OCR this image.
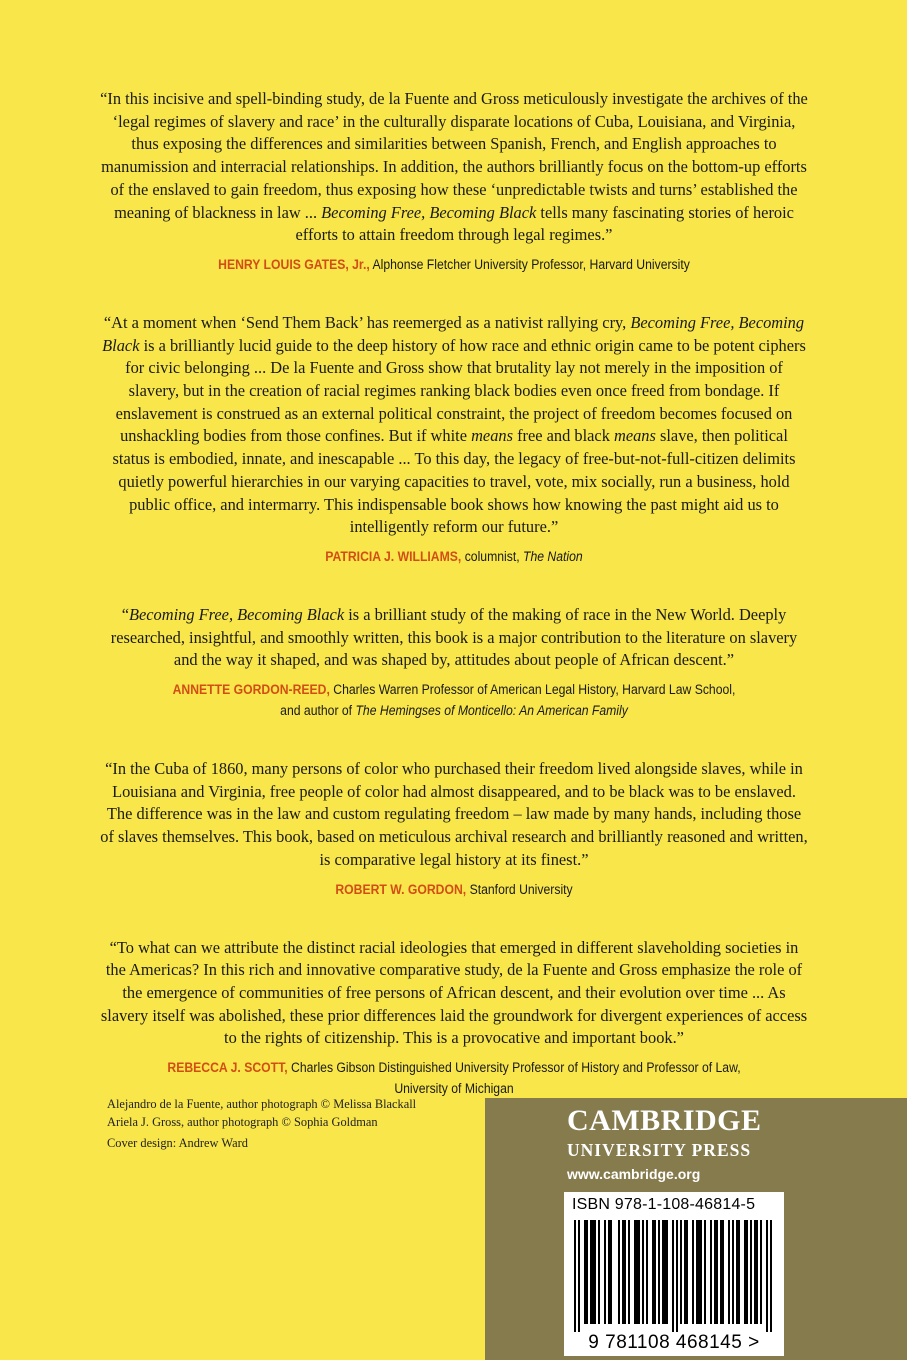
“In this incisive and spell-binding study, de la Fuente and Gross meticulously investigate the archives of the ‘legal regimes of slavery and race’ in the culturally disparate locations of Cuba, Louisiana, and Virginia, thus exposing the differences and similarities between Spanish, French, and English approaches to manumission and interracial relationships. In addition, the authors brilliantly focus on the bottom-up efforts of the enslaved to gain freedom, thus exposing how these ‘unpredictable twists and turns’ established the meaning of blackness in law ... Becoming Free, Becoming Black tells many fascinating stories of heroic efforts to attain freedom through legal regimes.”

HENRY LOUIS GATES, Jr., Alphonse Fletcher University Professor, Harvard University

“At a moment when ‘Send Them Back’ has reemerged as a nativist rallying cry, Becoming Free, Becoming Black is a brilliantly lucid guide to the deep history of how race and ethnic origin came to be potent ciphers for civic belonging ... De la Fuente and Gross show that brutality lay not merely in the imposition of slavery, but in the creation of racial regimes ranking black bodies even once freed from bondage. If enslavement is construed as an external political constraint, the project of freedom becomes focused on unshackling bodies from those confines. But if white means free and black means slave, then political status is embodied, innate, and inescapable ... To this day, the legacy of free-but-not-full-citizen delimits quietly powerful hierarchies in our varying capacities to travel, vote, mix socially, run a business, hold public office, and intermarry. This indispensable book shows how knowing the past might aid us to intelligently reform our future.”

PATRICIA J. WILLIAMS, columnist, The Nation

“Becoming Free, Becoming Black is a brilliant study of the making of race in the New World. Deeply researched, insightful, and smoothly written, this book is a major contribution to the literature on slavery and the way it shaped, and was shaped by, attitudes about people of African descent.”

ANNETTE GORDON-REED, Charles Warren Professor of American Legal History, Harvard Law School,
and author of The Hemingses of Monticello: An American Family

“In the Cuba of 1860, many persons of color who purchased their freedom lived alongside slaves, while in Louisiana and Virginia, free people of color had almost disappeared, and to be black was to be enslaved. The difference was in the law and custom regulating freedom – law made by many hands, including those of slaves themselves. This book, based on meticulous archival research and brilliantly reasoned and written, is comparative legal history at its finest.”

ROBERT W. GORDON, Stanford University

“To what can we attribute the distinct racial ideologies that emerged in different slaveholding societies in the Americas? In this rich and innovative comparative study, de la Fuente and Gross emphasize the role of the emergence of communities of free persons of African descent, and their evolution over time ... As slavery itself was abolished, these prior differences laid the groundwork for divergent experiences of access to the rights of citizenship. This is a provocative and important book.”

REBECCA J. SCOTT, Charles Gibson Distinguished University Professor of History and Professor of Law,
University of Michigan

Alejandro de la Fuente, author photograph © Melissa Blackall
Ariela J. Gross, author photograph © Sophia Goldman
Cover design: Andrew Ward
CAMBRIDGE
UNIVERSITY PRESS
www.cambridge.org
ISBN 978-1-108-46814-5
9 781108 468145 >
